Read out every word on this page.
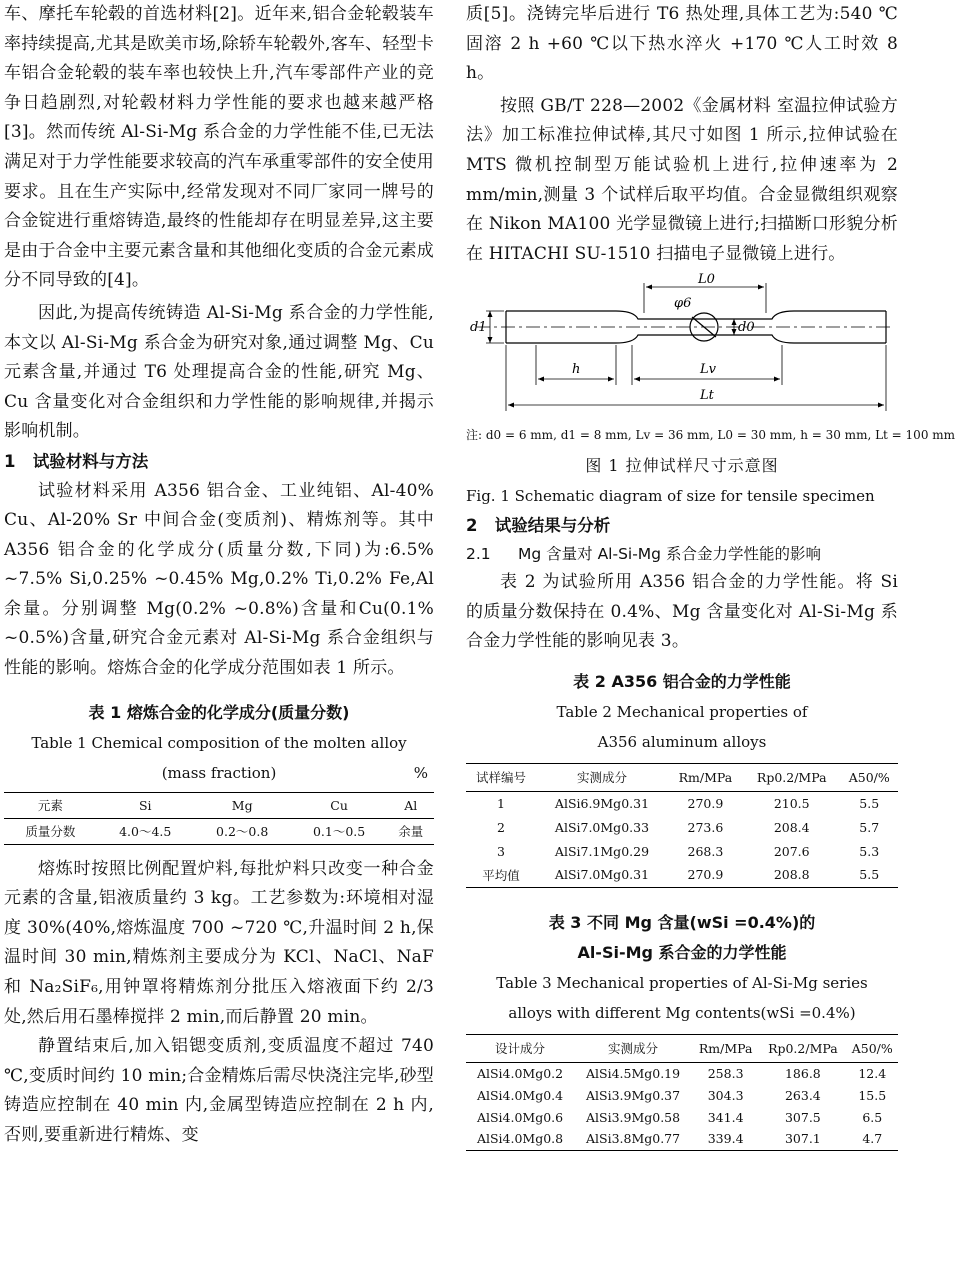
车、摩托车轮毂的首选材料[2]。近年来,铝合金轮毂装车率持续提高,尤其是欧美市场,除轿车轮毂外,客车、轻型卡车铝合金轮毂的装车率也较快上升,汽车零部件产业的竞争日趋剧烈,对轮毂材料力学性能的要求也越来越严格[3]。然而传统 Al-Si-Mg 系合金的力学性能不佳,已无法满足对于力学性能要求较高的汽车承重零部件的安全使用要求。且在生产实际中,经常发现对不同厂家同一牌号的合金锭进行重熔铸造,最终的性能却存在明显差异,这主要是由于合金中主要元素含量和其他细化变质的合金元素成分不同导致的[4]。

因此,为提高传统铸造 Al-Si-Mg 系合金的力学性能,本文以 Al-Si-Mg 系合金为研究对象,通过调整 Mg、Cu 元素含量,并通过 T6 处理提高合金的性能,研究 Mg、Cu 含量变化对合金组织和力学性能的影响规律,并揭示影响机制。

1 试验材料与方法

试验材料采用 A356 铝合金、工业纯铝、Al-40% Cu、Al-20% Sr 中间合金(变质剂)、精炼剂等。其中 A356 铝合金的化学成分(质量分数,下同)为:6.5% ~7.5% Si,0.25% ~0.45% Mg,0.2% Ti,0.2% Fe,Al 余量。分别调整 Mg(0.2% ~0.8%)含量和Cu(0.1% ~0.5%)含量,研究合金元素对 Al-Si-Mg 系合金组织与性能的影响。熔炼合金的化学成分范围如表 1 所示。

表 1 熔炼合金的化学成分(质量分数)

Table 1 Chemical composition of the molten alloy

(mass fraction)	%
元素	Si	Mg	Cu	Al
质量分数	4.0～4.5	0.2～0.8	0.1～0.5	余量

熔炼时按照比例配置炉料,每批炉料只改变一种合金元素的含量,铝液质量约 3 kg。工艺参数为:环境相对湿度 30%(40%,熔炼温度 700 ~720 ℃,升温时间 2 h,保温时间 30 min,精炼剂主要成分为 KCl、NaCl、NaF 和 Na₂SiF₆,用钟罩将精炼剂分批压入熔液面下约 2/3 处,然后用石墨棒搅拌 2 min,而后静置 20 min。

静置结束后,加入铝锶变质剂,变质温度不超过 740 ℃,变质时间约 10 min;合金精炼后需尽快浇注完毕,砂型铸造应控制在 40 min 内,金属型铸造应控制在 2 h 内,否则,要重新进行精炼、变

质[5]。浇铸完毕后进行 T6 热处理,具体工艺为:540 ℃固溶 2 h +60 ℃以下热水淬火 +170 ℃人工时效 8 h。

按照 GB/T 228—2002《金属材料 室温拉伸试验方法》加工标准拉伸试棒,其尺寸如图 1 所示,拉伸试验在 MTS 微机控制型万能试验机上进行,拉伸速率为 2 mm/min,测量 3 个试样后取平均值。合金显微组织观察在 Nikon MA100 光学显微镜上进行;扫描断口形貌分析在 HITACHI SU-1510 扫描电子显微镜上进行。

L0
φ6
d1	d0
h	Lv
Lt

注: d0 = 6 mm, d1 = 8 mm, Lv = 36 mm, L0 = 30 mm, h = 30 mm, Lt = 100 mm

图 1 拉伸试样尺寸示意图

Fig. 1 Schematic diagram of size for tensile specimen

2 试验结果与分析

2.1	Mg 含量对 Al-Si-Mg 系合金力学性能的影响

表 2 为试验所用 A356 铝合金的力学性能。将 Si 的质量分数保持在 0.4%、Mg 含量变化对 Al-Si-Mg 系合金力学性能的影响见表 3。

表 2 A356 铝合金的力学性能

Table 2 Mechanical properties of

A356 aluminum alloys

试样编号	实测成分	Rm/MPa	Rp0.2/MPa	A50/%
1	AlSi6.9Mg0.31	270.9	210.5	5.5
2	AlSi7.0Mg0.33	273.6	208.4	5.7
3	AlSi7.1Mg0.29	268.3	207.6	5.3
平均值	AlSi7.0Mg0.31	270.9	208.8	5.5

表 3 不同 Mg 含量(wSi =0.4%)的

Al-Si-Mg 系合金的力学性能

Table 3 Mechanical properties of Al-Si-Mg series

alloys with different Mg contents(wSi =0.4%)

设计成分	实测成分	Rm/MPa	Rp0.2/MPa	A50/%
AlSi4.0Mg0.2	AlSi4.5Mg0.19	258.3	186.8	12.4
AlSi4.0Mg0.4	AlSi3.9Mg0.37	304.3	263.4	15.5
AlSi4.0Mg0.6	AlSi3.9Mg0.58	341.4	307.5	6.5
AlSi4.0Mg0.8	AlSi3.8Mg0.77	339.4	307.1	4.7
